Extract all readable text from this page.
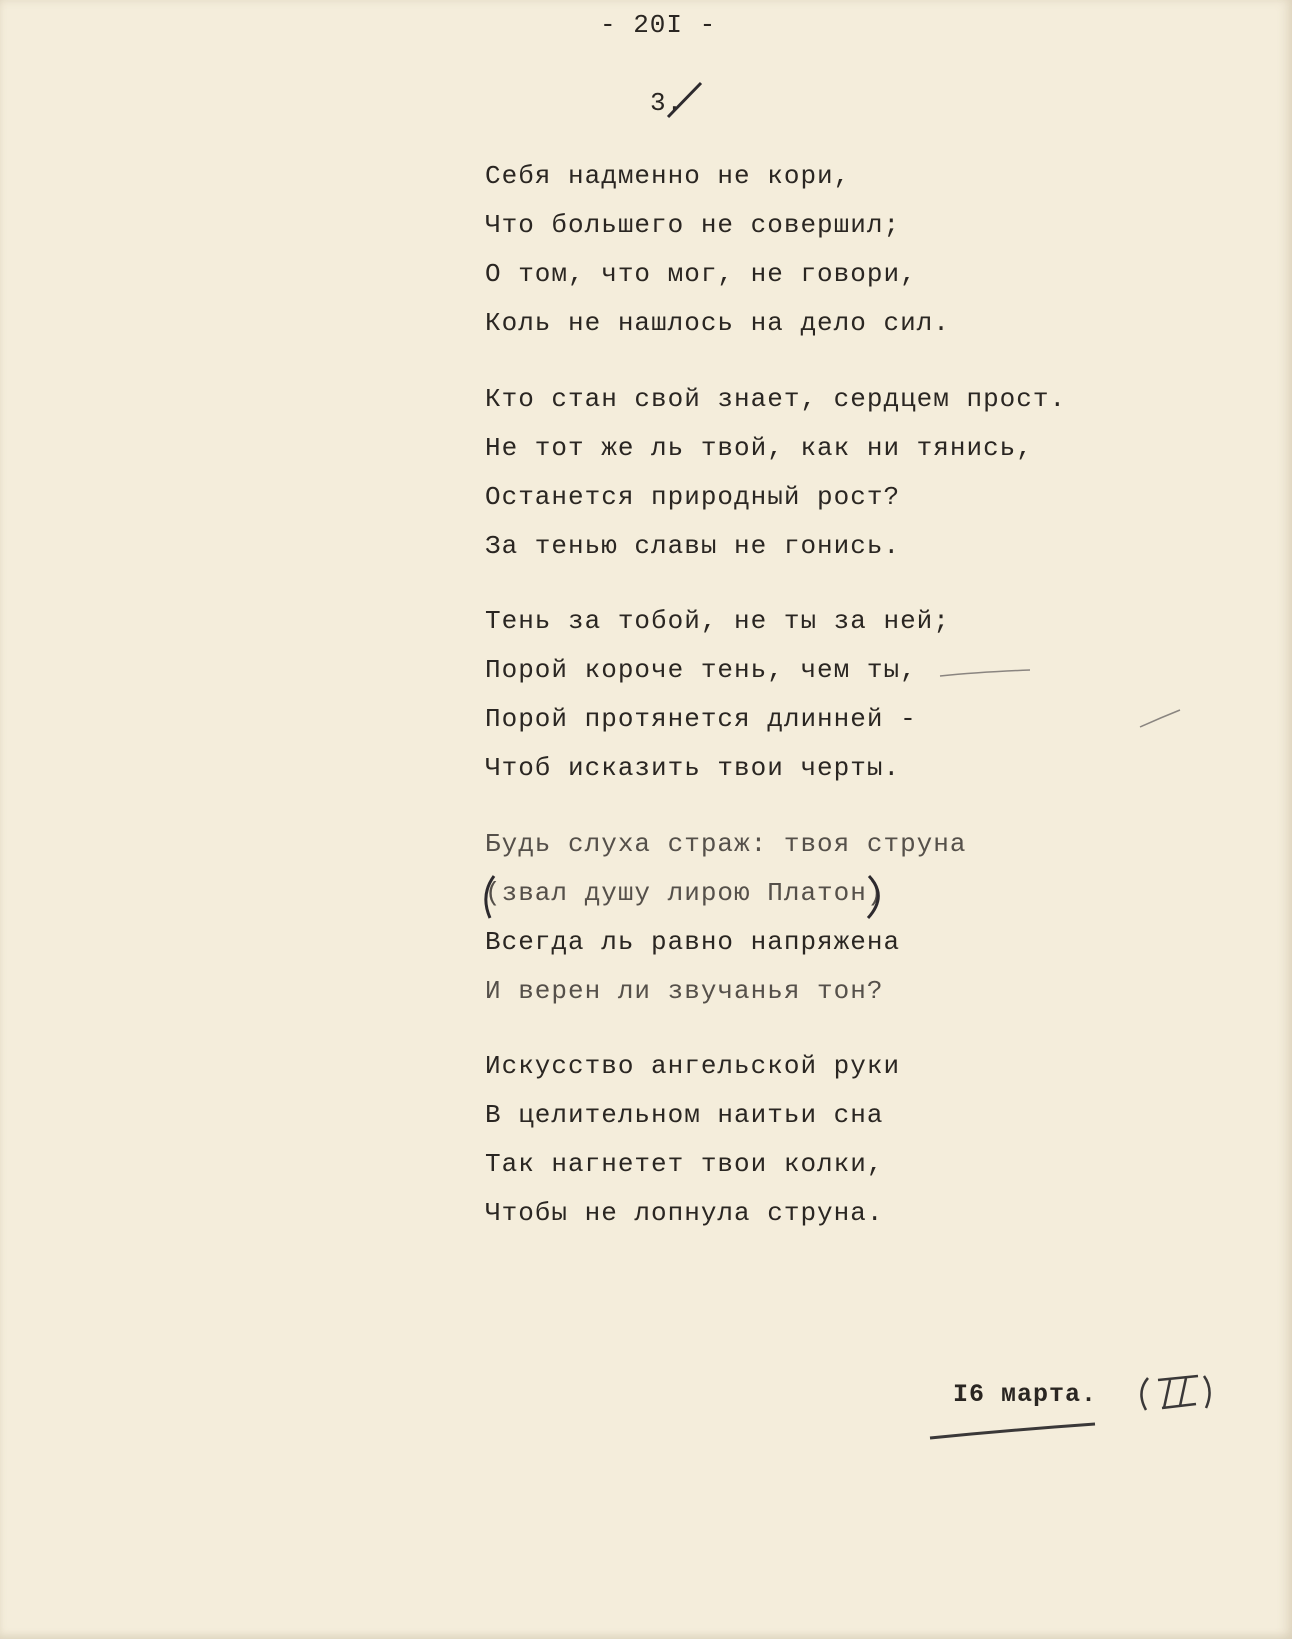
- 20I -
3.
Себя надменно не кори,
Что большего не совершил;
О том, что мог, не говори,
Коль не нашлось на дело сил.
Кто стан свой знает, сердцем прост.
Не тот же ль твой, как ни тянись,
Останется природный рост?
За тенью славы не гонись.
Тень за тобой, не ты за ней;
Порой короче тень, чем ты,
Порой протянется длинней -
Чтоб исказить твои черты.
Будь слуха страж: твоя струна
(звал душу лирою Платон)
Всегда ль равно напряжена
И верен ли звучанья тон?
Искусство ангельской руки
В целительном наитьи сна
Так нагнетет твои колки,
Чтобы не лопнула струна.
I6 марта.
